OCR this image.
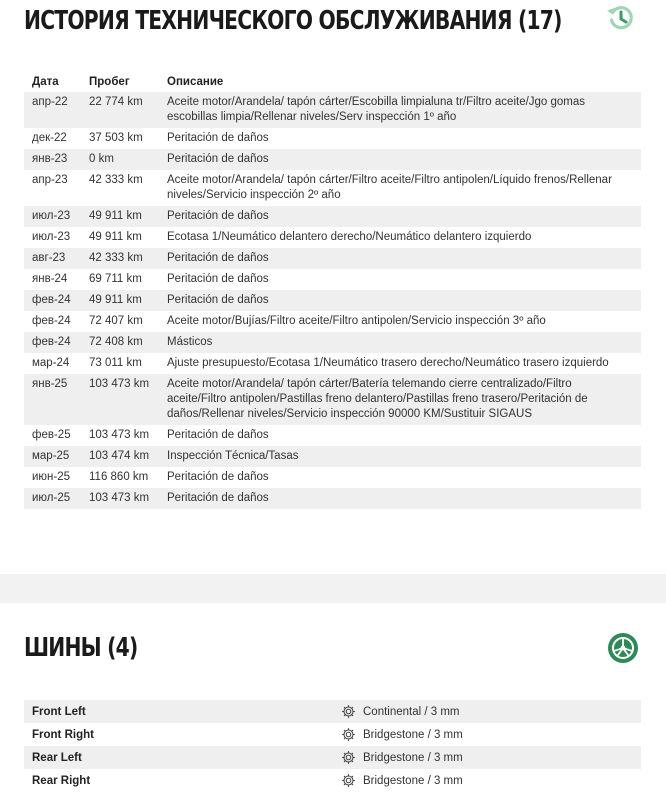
ИСТОРИЯ ТЕХНИЧЕСКОГО ОБСЛУЖИВАНИЯ (17)
Дата	Пробег	Описание
апр-22	22 774 km	Aceite motor/Arandela/ tapón cárter/Escobilla limpialuna tr/Filtro aceite/Jgo gomas escobillas limpia/Rellenar niveles/Serv inspección 1º año
дек-22	37 503 km	Peritación de daños
янв-23	0 km	Peritación de daños
апр-23	42 333 km	Aceite motor/Arandela/ tapón cárter/Filtro aceite/Filtro antipolen/Líquido frenos/Rellenar niveles/Servicio inspección 2º año
июл-23	49 911 km	Peritación de daños
июл-23	49 911 km	Ecotasa 1/Neumático delantero derecho/Neumático delantero izquierdo
авг-23	42 333 km	Peritación de daños
янв-24	69 711 km	Peritación de daños
фев-24	49 911 km	Peritación de daños
фев-24	72 407 km	Aceite motor/Bujías/Filtro aceite/Filtro antipolen/Servicio inspección 3º año
фев-24	72 408 km	Másticos
мар-24	73 011 km	Ajuste presupuesto/Ecotasa 1/Neumático trasero derecho/Neumático trasero izquierdo
янв-25	103 473 km	Aceite motor/Arandela/ tapón cárter/Batería telemando cierre centralizado/Filtro aceite/Filtro antipolen/Pastillas freno delantero/Pastillas freno trasero/Peritación de daños/Rellenar niveles/Servicio inspección 90000 KM/Sustituir SIGAUS
фев-25	103 473 km	Peritación de daños
мар-25	103 474 km	Inspección Técnica/Tasas
июн-25	116 860 km	Peritación de daños
июл-25	103 473 km	Peritación de daños
ШИНЫ (4)
Front Left	Continental / 3 mm
Front Right	Bridgestone / 3 mm
Rear Left	Bridgestone / 3 mm
Rear Right	Bridgestone / 3 mm
